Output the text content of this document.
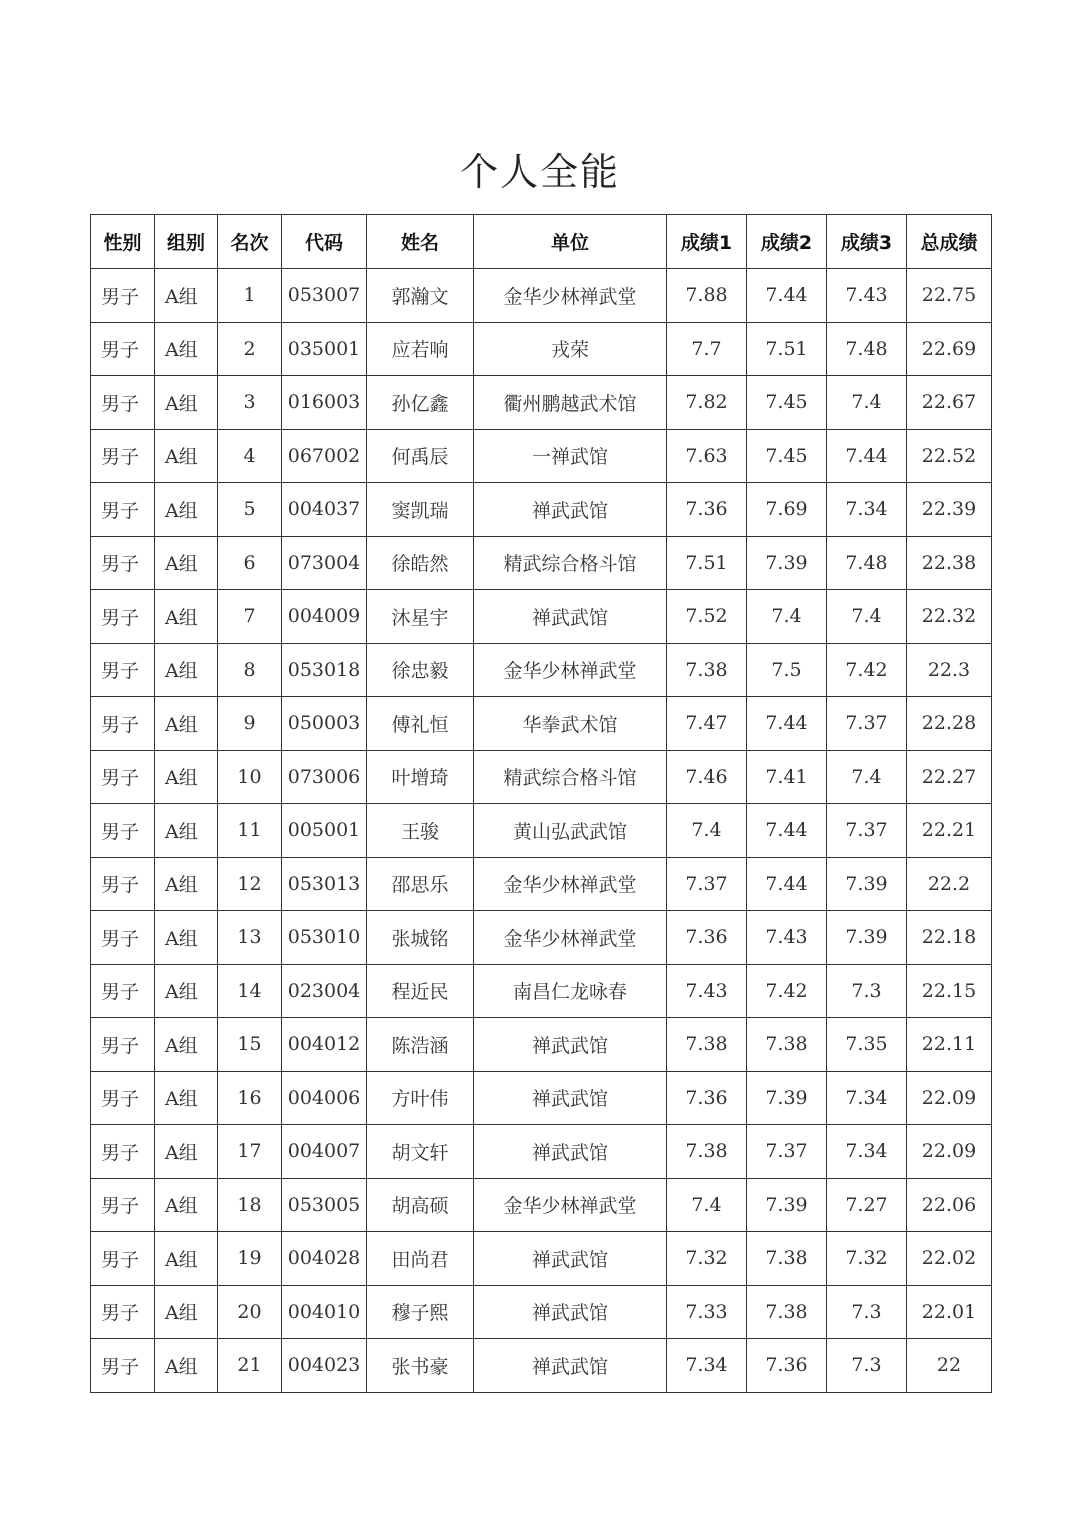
个人全能
性别	组别	名次	代码	姓名	单位	成绩1	成绩2	成绩3	总成绩
男子	A组	1	053007	郭瀚文	金华少林禅武堂	7.88	7.44	7.43	22.75
男子	A组	2	035001	应若响	戎荣	7.7	7.51	7.48	22.69
男子	A组	3	016003	孙亿鑫	衢州鹏越武术馆	7.82	7.45	7.4	22.67
男子	A组	4	067002	何禹辰	一禅武馆	7.63	7.45	7.44	22.52
男子	A组	5	004037	窦凯瑞	禅武武馆	7.36	7.69	7.34	22.39
男子	A组	6	073004	徐皓然	精武综合格斗馆	7.51	7.39	7.48	22.38
男子	A组	7	004009	沐星宇	禅武武馆	7.52	7.4	7.4	22.32
男子	A组	8	053018	徐忠毅	金华少林禅武堂	7.38	7.5	7.42	22.3
男子	A组	9	050003	傅礼恒	华拳武术馆	7.47	7.44	7.37	22.28
男子	A组	10	073006	叶增琦	精武综合格斗馆	7.46	7.41	7.4	22.27
男子	A组	11	005001	王骏	黄山弘武武馆	7.4	7.44	7.37	22.21
男子	A组	12	053013	邵思乐	金华少林禅武堂	7.37	7.44	7.39	22.2
男子	A组	13	053010	张城铭	金华少林禅武堂	7.36	7.43	7.39	22.18
男子	A组	14	023004	程近民	南昌仁龙咏春	7.43	7.42	7.3	22.15
男子	A组	15	004012	陈浩涵	禅武武馆	7.38	7.38	7.35	22.11
男子	A组	16	004006	方叶伟	禅武武馆	7.36	7.39	7.34	22.09
男子	A组	17	004007	胡文轩	禅武武馆	7.38	7.37	7.34	22.09
男子	A组	18	053005	胡高硕	金华少林禅武堂	7.4	7.39	7.27	22.06
男子	A组	19	004028	田尚君	禅武武馆	7.32	7.38	7.32	22.02
男子	A组	20	004010	穆子熙	禅武武馆	7.33	7.38	7.3	22.01
男子	A组	21	004023	张书豪	禅武武馆	7.34	7.36	7.3	22
